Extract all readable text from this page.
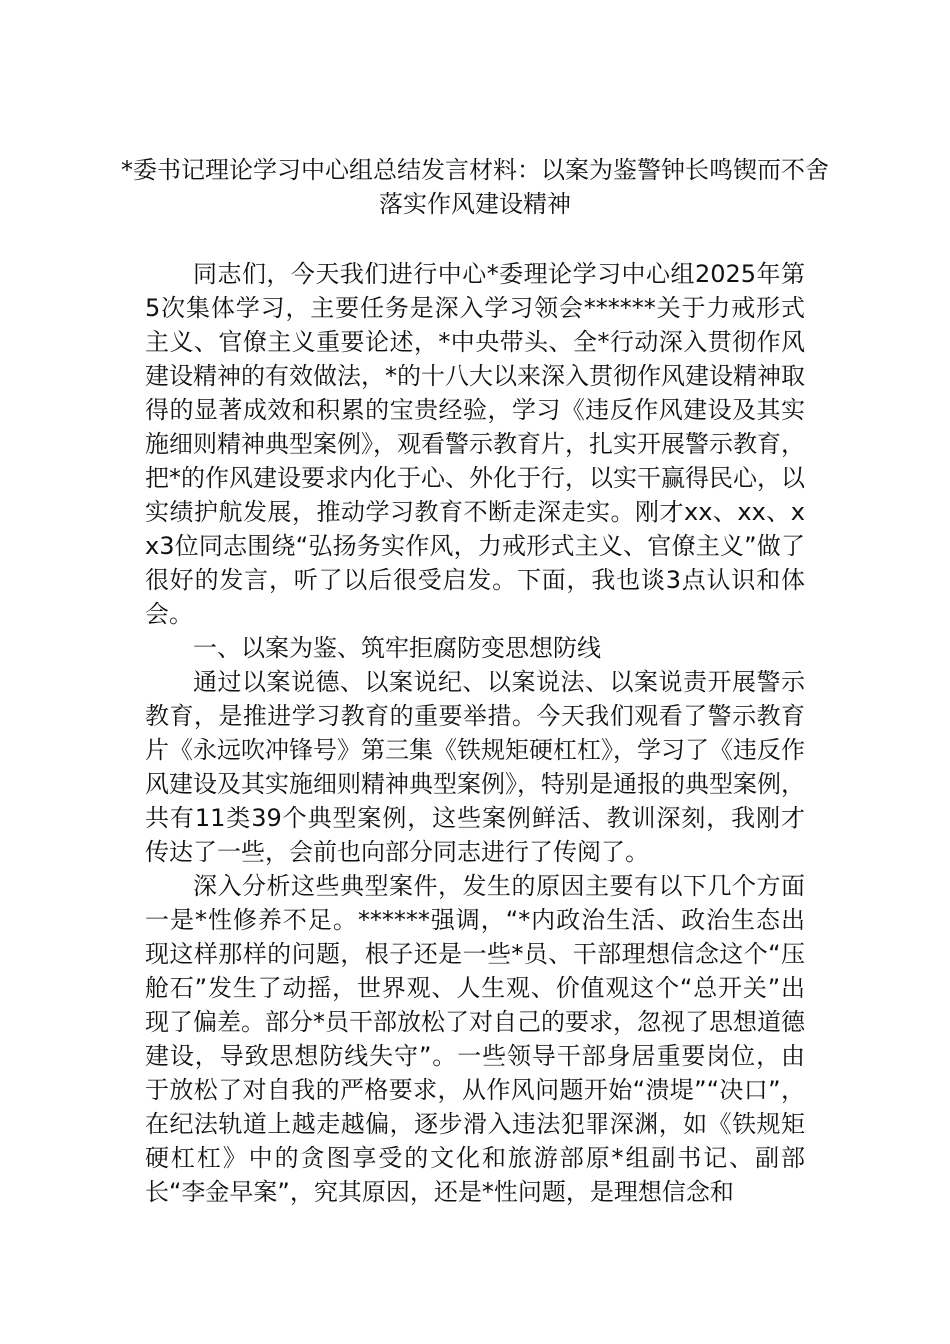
*委书记理论学习中心组总结发言材料：以案为鉴警钟长鸣锲而不舍落实作风建设精神

同志们，今天我们进行中心*委理论学习中心组2025年第5次集体学习，主要任务是深入学习领会******关于力戒形式主义、官僚主义重要论述，*中央带头、全*行动深入贯彻作风建设精神的有效做法，*的十八大以来深入贯彻作风建设精神取得的显著成效和积累的宝贵经验，学习《违反作风建设及其实施细则精神典型案例》，观看警示教育片，扎实开展警示教育，把*的作风建设要求内化于心、外化于行，以实干赢得民心，以实绩护航发展，推动学习教育不断走深走实。刚才xx、xx、xx3位同志围绕“弘扬务实作风，力戒形式主义、官僚主义”做了很好的发言，听了以后很受启发。下面，我也谈3点认识和体会。

一、以案为鉴、筑牢拒腐防变思想防线

通过以案说德、以案说纪、以案说法、以案说责开展警示教育，是推进学习教育的重要举措。今天我们观看了警示教育片《永远吹冲锋号》第三集《铁规矩硬杠杠》，学习了《违反作风建设及其实施细则精神典型案例》，特别是通报的典型案例，共有11类39个典型案例，这些案例鲜活、教训深刻，我刚才传达了一些，会前也向部分同志进行了传阅了。

深入分析这些典型案件，发生的原因主要有以下几个方面一是*性修养不足。******强调，“*内政治生活、政治生态出现这样那样的问题，根子还是一些*员、干部理想信念这个“压舱石”发生了动摇，世界观、人生观、价值观这个“总开关”出现了偏差。部分*员干部放松了对自己的要求，忽视了思想道德建设，导致思想防线失守”。一些领导干部身居重要岗位，由于放松了对自我的严格要求，从作风问题开始“溃堤”“决口”，在纪法轨道上越走越偏，逐步滑入违法犯罪深渊，如《铁规矩硬杠杠》中的贪图享受的文化和旅游部原*组副书记、副部长“李金早案”，究其原因，还是*性问题，是理想信念和
